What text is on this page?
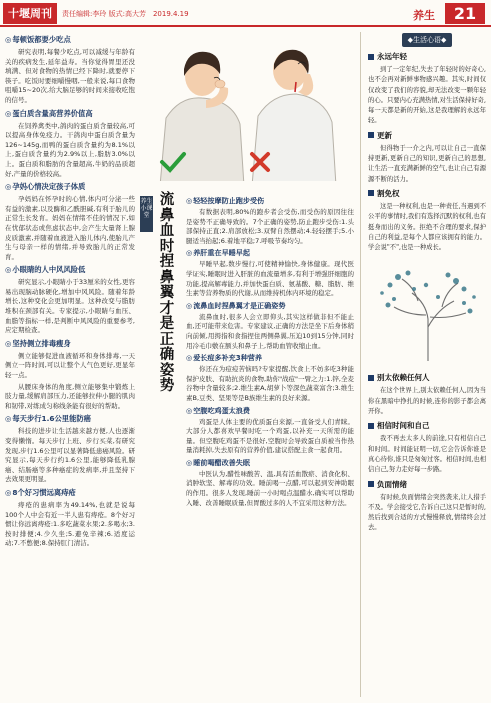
十堰周刊	责任编辑:李玲 版式:高大芳 2019.4.19	养生	21
◎ 每顿饭都要少吃点

研究表明,每餐少吃点,可以减缓与年龄有关的疾病发生,延年益寿。当你觉得胃里还没填满、但对食物的热情已经下降时,就要停下筷子。吃饭时要细嚼慢咽,一般来说,每口食物咀嚼15~20次,给大脑足够的时间来接收吃饱的信号。

◎ 蛋白质含量高营养价值高

在饲养禽类中,鸽肉的蛋白质含量较高,可以提高身体免疫力。干鸽肉中蛋白质含量为126~145g,而鸭的蛋白质含量约为8.1%以上,蛋白质含量约为2.9%以上,脂肪3.0%以上。蛋白质和脂肪的含量超高,牛奶的品质超好,产量的价格较高。

◎ 孕妈心情决定孩子体质

孕妈妈在怀孕时的心情,体内可分泌一些有益的激素,以及酶和乙酰胆碱,有利于胎儿的正常生长发育。妈妈在情绪不佳的情况下,如在忧郁状态或焦虑状态中,会产生大量肾上腺皮质激素,并随着血液进入胎儿体内,使胎儿产生与母亲一样的情绪,并导致胎儿的正常发育。

◎ 小眼睛的人中风风险低

研究显示,小眼睛小于33厘米的女性,更容易出现脑动脉硬化,增加中风风险。随着年龄增长,这种变化会更加明显。这种改变与脂肪堆积在颈部有关。专家提示,小眼睛与血压、血脂等指标一样,是判断中风风险的重要参考,应定期检查。

◎ 坚持侧立排毒瘦身

侧立能够促进血液循环和身体排毒,一天侧立一阵时间,可以让整个人气色更好,更显年轻一点。

从腰床身体的角度,侧立能够集中锻炼上肢力量,缓解肩部压力,还能够拉伸小腿的肌肉和韧带,对练成匀称线条能有很好的帮助。

◎ 每天步行1.6公里能防癌

科技的进步让生活越来越方便,人也逐渐变得懒惰。每天步行上班、步行买菜,有研究发现,步行1.6公里可以显著降低患癌风险。研究显示,每天步行约1.6公里,能够降低乳腺癌、结肠癌等多种癌症的发病率,并且坚持下去效果更明显。

◎ 8个好习惯远离痔疮

痔疮的患病率为49.14%,也就是说每100个人中会有近一半人患有痔疮。8个好习惯让你远离痔疮:1.多吃蔬菜水果;2.多喝水;3.按时排便;4.少久坐;5.避免辛辣;6.适度运动;7.不憋便;8.保持肛门清洁。

养生小课堂
流
鼻
血
时
捏
鼻
翼
才
是
正
确
姿
势
◎ 轻轻按摩防止跑步受伤

有数据表明,80%的跑步者会受伤,而受伤的原因往往是姿势不正确导致的。7个正确的姿势,防止跑步受伤:1.头部保持正直;2.肩部放松;3.双臂自然摆动;4.轻轻摆手;5.小腿适当抬起;6.着地平稳;7.呼吸节奏均匀。

◎ 养肝重在早睡早起

早睡早起,数步慢行,可使精神愉快,身体健康。现代医学证实,睡眠时进入肝脏的血流量增多,有利于增强肝细胞的功能,提高解毒能力,并加快蛋白质、氨基酸、糖、脂肪、维生素等营养物质的代谢,从而维持机体内环境的稳定。

◎ 流鼻血时捏鼻翼才是正确姿势

流鼻血时,很多人会立即仰头,其实这样做非但不能止血,还可能带来危害。专家建议,正确的方法是坐下后身体稍向前倾,用拇指和食指捏住两侧鼻翼,压迫10到15分钟,同时用冷毛巾敷在额头和鼻子上,帮助血管收缩止血。

◎ 爱长痘多补充3种营养

你还在为痘痘苦恼吗?专家提醒,饮食上不妨多吃3种能保护皮肤、有助抗炎的食物,助你"战痘"一臂之力:1.锌,全麦谷物中含量较多;2.维生素A,胡萝卜等深色蔬菜富含;3.维生素B,豆类、坚果等是B族维生素的良好来源。

◎ 空腹吃鸡蛋太浪费

鸡蛋是人体主要的优质蛋白来源,一直备受人们青睐。大部分人都喜欢早餐时吃一个鸡蛋,以补充一天所需的能量。但空腹吃鸡蛋不是很好,空腹时会导致蛋白质被当作热量消耗掉,失去原有的营养价值,建议搭配主食一起食用。

◎ 睡前喝醋改善失眠

中医认为,醋性味酸苦、温,具有活血散瘀、消食化积、消肿软坚、解毒的功效。睡前喝一点醋,可以起到安神助眠的作用。很多人发现,睡前一小时喝点温醋水,确实可以帮助入睡、改善睡眠质量,但胃酸过多的人不宜采用这种方法。

◆生活心语◆
永远年轻

到了一定年纪,失去了年轻时的好奇心,也不会再对新鲜事物感兴趣。其实,时间仅仅改变了我们的容貌,却无法改变一颗年轻的心。只要内心充满热情,对生活保持好奇,每一天都是新的开始,这是我理解的永远年轻。

更新

但得物于一介之内,可以让自己一直保持更新,更新自己的知识,更新自己的思想,让生活一直充满新鲜的空气,也让自己有源源不断的活力。

割免权

这是一种权利,也是一种责任,当遇到不公平的事情时,我们有选择沉默的权利,也有挺身而出的义务。拒绝不合理的要求,保护自己的利益,是每个人都应该拥有的能力。学会说"不",也是一种成长。

别太依赖任何人

在这个世界上,别太依赖任何人,因为当你在黑暗中挣扎的时候,连你的影子都会离开你。

相信时间和自己

我不再去太多人的前途,只有相信自己和时间。时间能证明一切,它会告诉你谁是真心待你,谁只是匆匆过客。相信时间,也相信自己,努力走好每一步路。

负面情绪

有时候,负面情绪会突然袭来,让人措手不及。学会接受它,告诉自己这只是暂时的,然后找到合适的方式慢慢释放,情绪终会过去。
